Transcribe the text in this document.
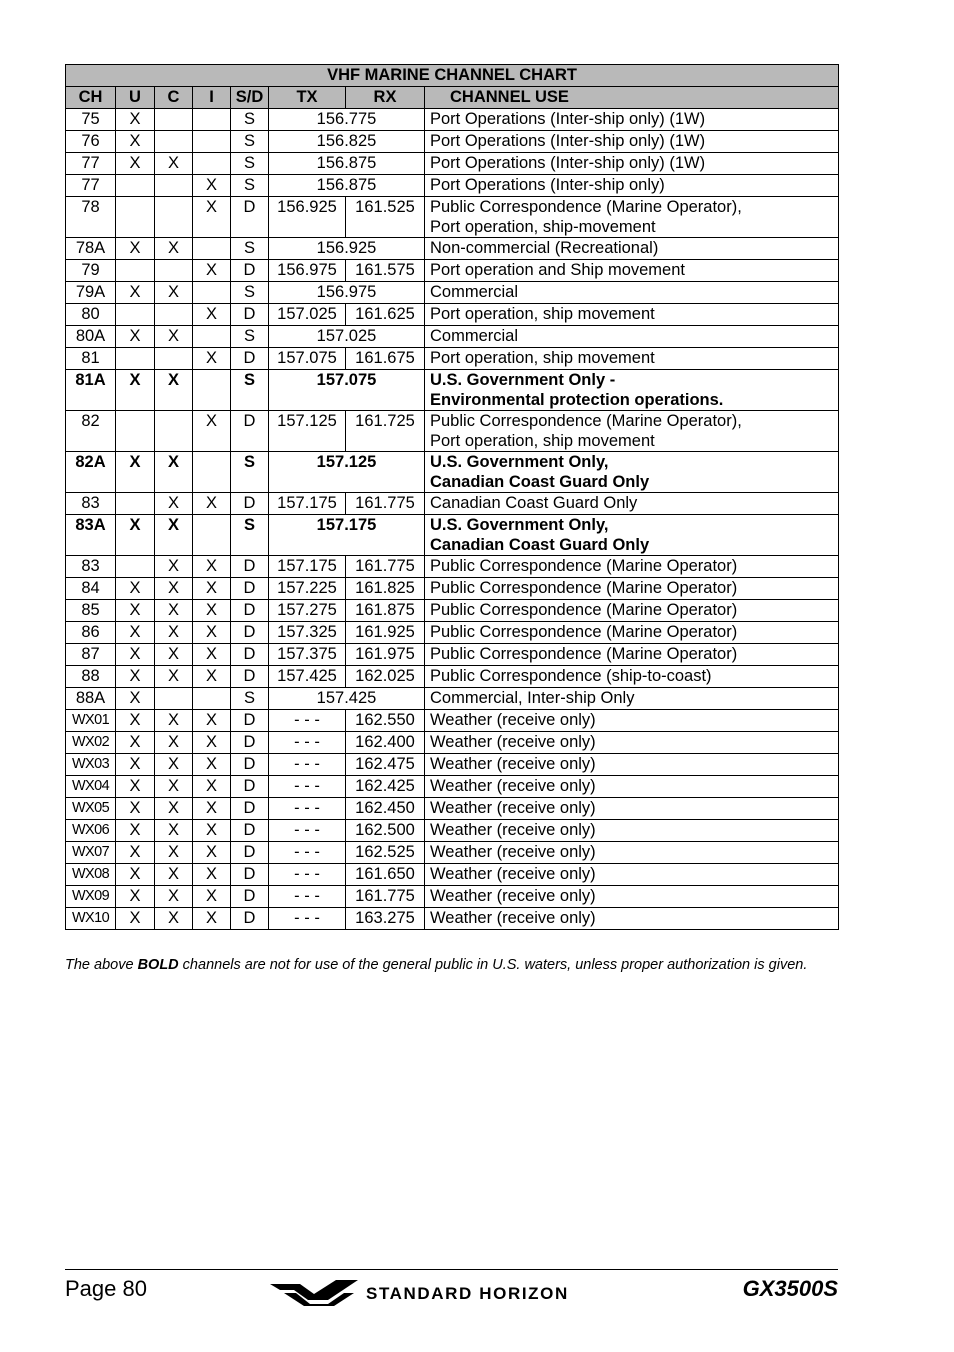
VHF MARINE CHANNEL CHART							
CH	U	C	I	S/D	TX	RX	CHANNEL USE
75	X			S	156.775		Port Operations (Inter-ship only) (1W)

76	X			S	156.825		Port Operations (Inter-ship only) (1W)

77	X	X		S	156.875		Port Operations (Inter-ship only) (1W)

77			X	S	156.875		Port Operations (Inter-ship only)

78			X	D	156.925	161.525	Public Correspondence (Marine Operator),
Port operation, ship-movement

78A	X	X		S	156.925		Non-commercial (Recreational)

79			X	D	156.975	161.575	Port operation and Ship movement

79A	X	X		S	156.975		Commercial

80			X	D	157.025	161.625	Port operation, ship movement

80A	X	X		S	157.025		Commercial

81			X	D	157.075	161.675	Port operation, ship movement

81A	X	X		S	157.075		U.S. Government Only -
Environmental protection operations.

82			X	D	157.125	161.725	Public Correspondence (Marine Operator),
Port operation, ship movement

82A	X	X		S	157.125		U.S. Government Only,
Canadian Coast Guard Only

83		X	X	D	157.175	161.775	Canadian Coast Guard Only

83A	X	X		S	157.175		U.S. Government Only,
Canadian Coast Guard Only

83		X	X	D	157.175	161.775	Public Correspondence (Marine Operator)

84	X	X	X	D	157.225	161.825	Public Correspondence (Marine Operator)

85	X	X	X	D	157.275	161.875	Public Correspondence (Marine Operator)

86	X	X	X	D	157.325	161.925	Public Correspondence (Marine Operator)

87	X	X	X	D	157.375	161.975	Public Correspondence (Marine Operator)

88	X	X	X	D	157.425	162.025	Public Correspondence (ship-to-coast)

88A	X			S	157.425		Commercial, Inter-ship Only

WX01	X	X	X	D	- - -	162.550	Weather (receive only)

WX02	X	X	X	D	- - -	162.400	Weather (receive only)

WX03	X	X	X	D	- - -	162.475	Weather (receive only)

WX04	X	X	X	D	- - -	162.425	Weather (receive only)

WX05	X	X	X	D	- - -	162.450	Weather (receive only)

WX06	X	X	X	D	- - -	162.500	Weather (receive only)

WX07	X	X	X	D	- - -	162.525	Weather (receive only)

WX08	X	X	X	D	- - -	161.650	Weather (receive only)

WX09	X	X	X	D	- - -	161.775	Weather (receive only)

WX10	X	X	X	D	- - -	163.275	Weather (receive only)
The above BOLD channels are not for use of the general public in U.S. waters, unless proper authorization is given.
Page 80	STANDARD HORIZON	GX3500S
